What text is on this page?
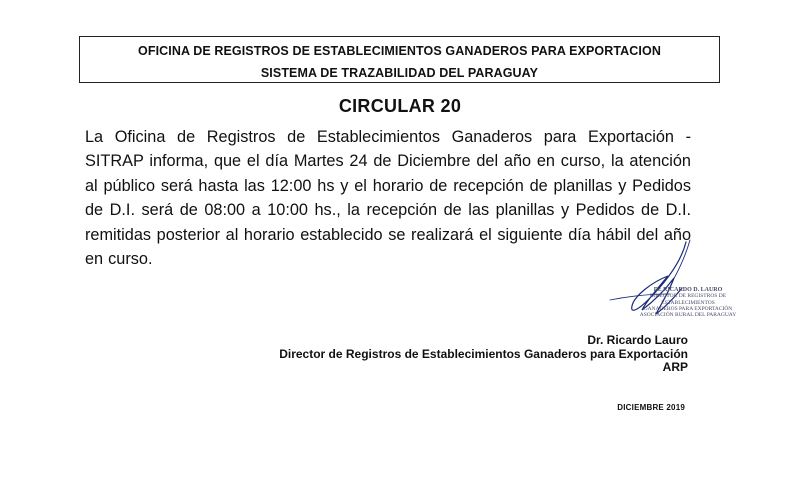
OFICINA DE REGISTROS DE ESTABLECIMIENTOS GANADEROS PARA EXPORTACION
SISTEMA DE TRAZABILIDAD DEL PARAGUAY
CIRCULAR 20
La Oficina de Registros de Establecimientos Ganaderos para Exportación - SITRAP informa, que el día Martes 24 de Diciembre del año en curso, la atención al público será hasta las 12:00 hs y el horario de recepción de planillas y Pedidos de D.I. será de 08:00 a 10:00 hs., la recepción de las planillas y Pedidos de D.I. remitidas posterior al horario establecido se realizará el siguiente día hábil del año en curso.
Dr. RICARDO D. LAURO
DIRECTOR DE REGISTROS DE ESTABLECIMIENTOS
GANADEROS PARA EXPORTACIÓN
ASOCIACIÓN RURAL DEL PARAGUAY
Dr. Ricardo Lauro
Director de Registros de Establecimientos Ganaderos para Exportación
ARP
DICIEMBRE 2019
